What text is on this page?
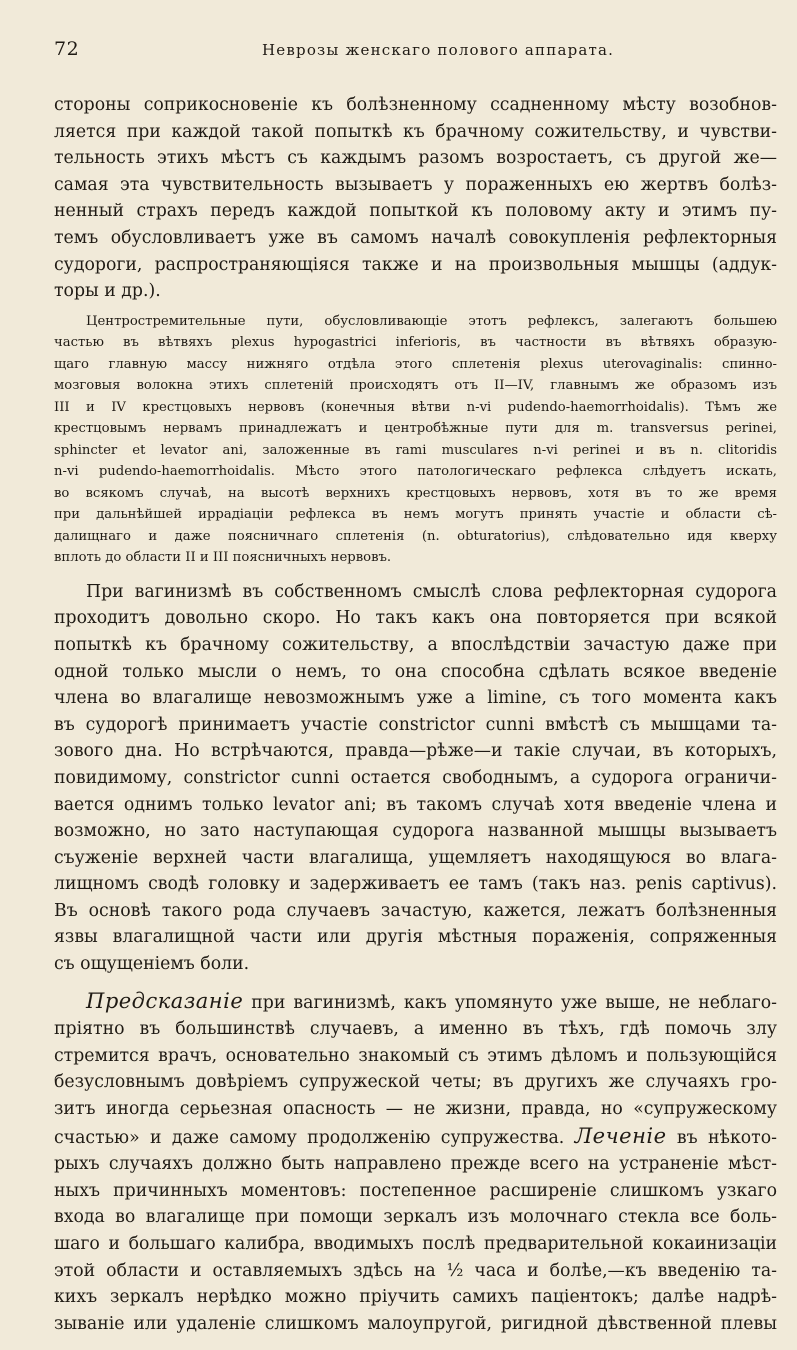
72	Неврозы женскаго полового аппарата.
стороны соприкосновеніе къ болѣзненному ссадненному мѣсту возобнов-
ляется при каждой такой попыткѣ къ брачному сожительству, и чувстви-
тельность этихъ мѣстъ съ каждымъ разомъ возростаетъ, съ другой же—
самая эта чувствительность вызываетъ у пораженныхъ ею жертвъ болѣз-
ненный страхъ передъ каждой попыткой къ половому акту и этимъ пу-
темъ обусловливаетъ уже въ самомъ началѣ совокупленія рефлекторныя
судороги, распространяющіяся также и на произвольныя мышцы (аддук-
торы и др.).
Центростремительные пути, обусловливающіе этотъ рефлексъ, залегаютъ большею
частью въ вѣтвяхъ plexus hypogastrici inferioris, въ частности въ вѣтвяхъ образую-
щаго главную массу нижняго отдѣла этого сплетенія plexus uterovaginalis: спинно-
мозговыя волокна этихъ сплетеній происходятъ отъ II—IV, главнымъ же образомъ изъ
III и IV крестцовыхъ нервовъ (конечныя вѣтви n-vi pudendo-haemorrhoidalis). Тѣмъ же
крестцовымъ нервамъ принадлежатъ и центробѣжные пути для m. transversus perinei,
sphincter et levator ani, заложенные въ rami musculares n-vi perinei и въ n. clitoridis
n-vi pudendo-haemorrhoidalis. Мѣсто этого патологическаго рефлекса слѣдуетъ искать,
во всякомъ случаѣ, на высотѣ верхнихъ крестцовыхъ нервовъ, хотя въ то же время
при дальнѣйшей иррадіаціи рефлекса въ немъ могутъ принять участіе и области сѣ-
далищнаго и даже поясничнаго сплетенія (n. obturatorius), слѣдовательно идя кверху
вплоть до области II и III поясничныхъ нервовъ.
При вагинизмѣ въ собственномъ смыслѣ слова рефлекторная судорога
проходитъ довольно скоро. Но такъ какъ она повторяется при всякой
попыткѣ къ брачному сожительству, а впослѣдствіи зачастую даже при
одной только мысли о немъ, то она способна сдѣлать всякое введеніе
члена во влагалище невозможнымъ уже a limine, съ того момента какъ
въ судорогѣ принимаетъ участіе constrictor cunni вмѣстѣ съ мышцами та-
зового дна. Но встрѣчаются, правда—рѣже—и такіе случаи, въ которыхъ,
повидимому, constrictor cunni остается свободнымъ, а судорога ограничи-
вается однимъ только levator ani; въ такомъ случаѣ хотя введеніе члена и
возможно, но зато наступающая судорога названной мышцы вызываетъ
съуженіе верхней части влагалища, ущемляетъ находящуюся во влага-
лищномъ сводѣ головку и задерживаетъ ее тамъ (такъ наз. penis captivus).
Въ основѣ такого рода случаевъ зачастую, кажется, лежатъ болѣзненныя
язвы влагалищной части или другія мѣстныя пораженія, сопряженныя
съ ощущеніемъ боли.
Предсказаніе при вагинизмѣ, какъ упомянуто уже выше, не неблаго-
пріятно въ большинствѣ случаевъ, а именно въ тѣхъ, гдѣ помочь злу
стремится врачъ, основательно знакомый съ этимъ дѣломъ и пользующійся
безусловнымъ довѣріемъ супружеской четы; въ другихъ же случаяхъ гро-
зитъ иногда серьезная опасность — не жизни, правда, но «супружескому
счастью» и даже самому продолженію супружества. Леченіе въ нѣкото-
рыхъ случаяхъ должно быть направлено прежде всего на устраненіе мѣст-
ныхъ причинныхъ моментовъ: постепенное расширеніе слишкомъ узкаго
входа во влагалище при помощи зеркалъ изъ молочнаго стекла все боль-
шаго и большаго калибра, вводимыхъ послѣ предварительной кокаинизаціи
этой области и оставляемыхъ здѣсь на ½ часа и болѣе,—къ введенію та-
кихъ зеркалъ нерѣдко можно пріучить самихъ паціентокъ; далѣе надрѣ-
зываніе или удаленіе слишкомъ малоупругой, ригидной дѣвственной плевы
